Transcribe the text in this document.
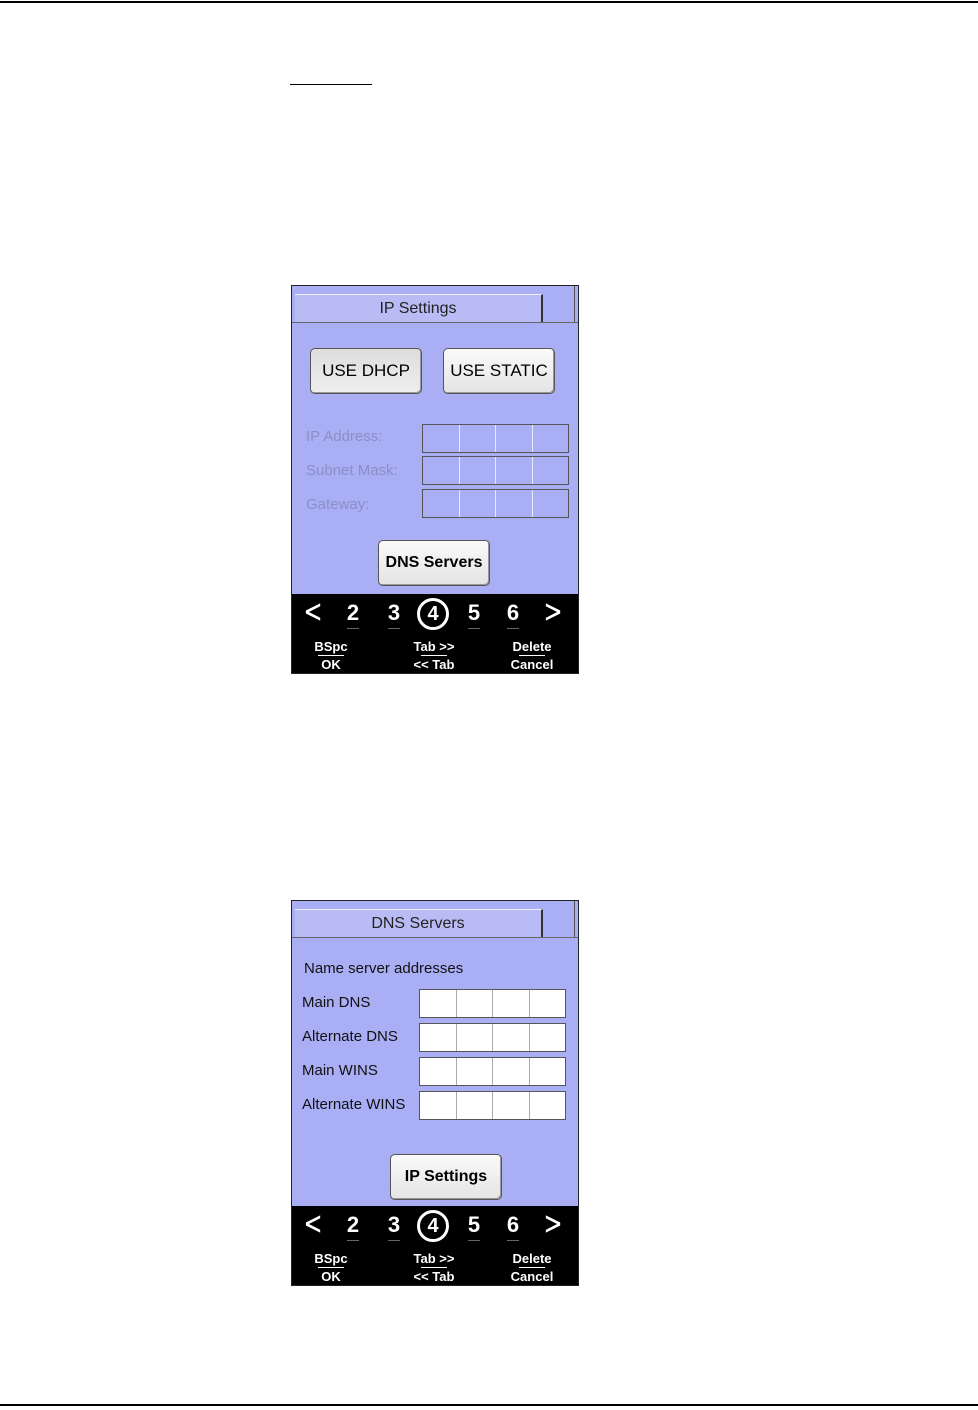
IP Settings
USE DHCP	USE STATIC
IP Address:
Subnet Mask:
Gateway:
DNS Servers
ᐸ 2 3	4	5 6 ᐳ
BSpc
OK
Tab >>
<< Tab
Delete
Cancel
DNS Servers
Name server addresses
Main DNS
Alternate DNS
Main WINS
Alternate WINS
IP Settings
ᐸ 2 3	4	5 6 ᐳ
BSpc
OK
Tab >>
<< Tab
Delete
Cancel
